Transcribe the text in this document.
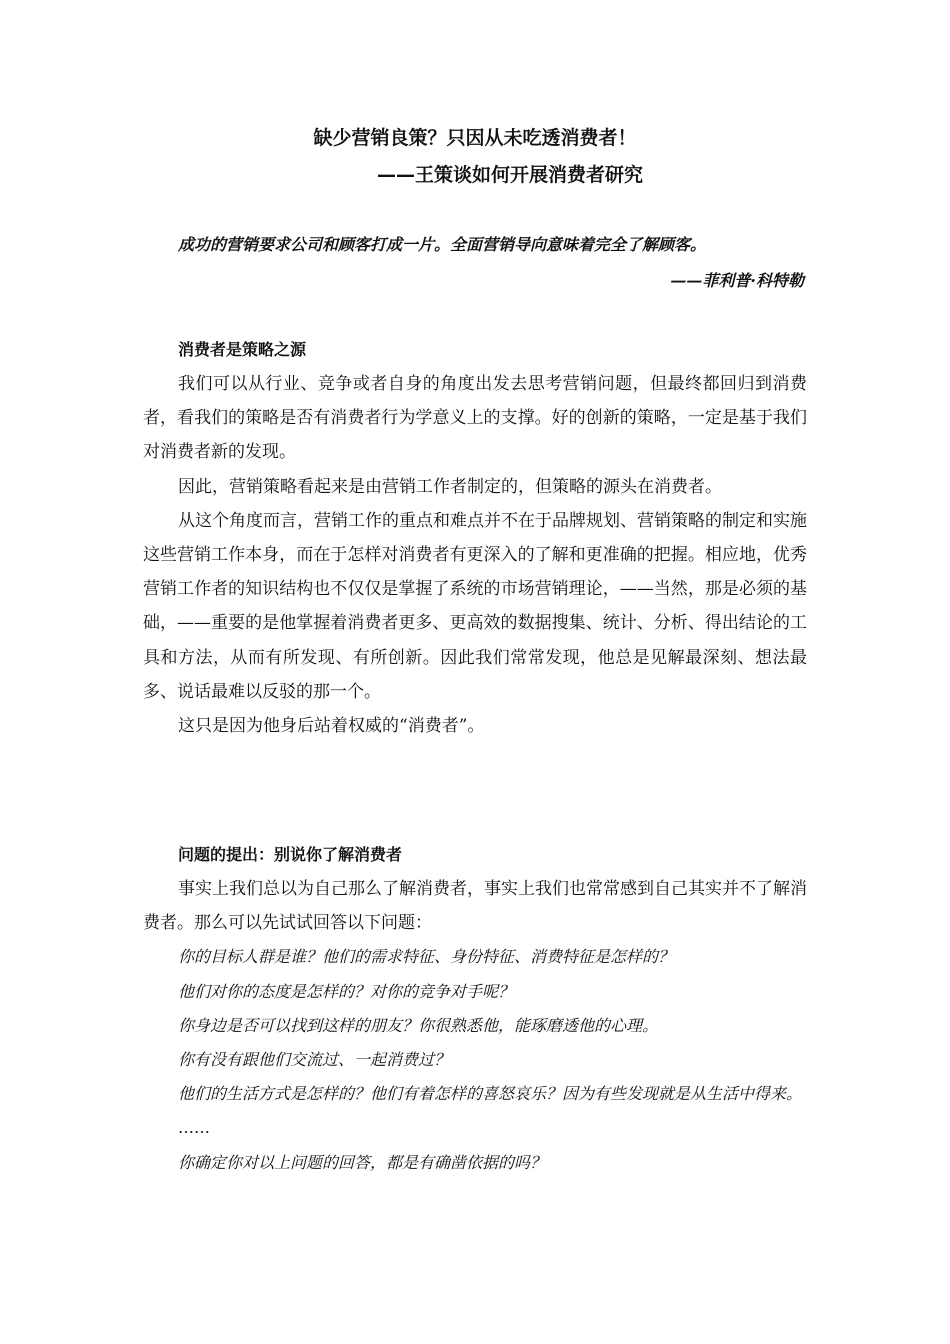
缺少营销良策？只因从未吃透消费者！
——王策谈如何开展消费者研究
成功的营销要求公司和顾客打成一片。全面营销导向意味着完全了解顾客。
——菲利普·科特勒
消费者是策略之源

我们可以从行业、竞争或者自身的角度出发去思考营销问题，但最终都回归到消费者，看我们的策略是否有消费者行为学意义上的支撑。好的创新的策略，一定是基于我们对消费者新的发现。

因此，营销策略看起来是由营销工作者制定的，但策略的源头在消费者。

从这个角度而言，营销工作的重点和难点并不在于品牌规划、营销策略的制定和实施这些营销工作本身，而在于怎样对消费者有更深入的了解和更准确的把握。相应地，优秀营销工作者的知识结构也不仅仅是掌握了系统的市场营销理论，——当然，那是必须的基础，——重要的是他掌握着消费者更多、更高效的数据搜集、统计、分析、得出结论的工具和方法，从而有所发现、有所创新。因此我们常常发现，他总是见解最深刻、想法最多、说话最难以反驳的那一个。

这只是因为他身后站着权威的“消费者”。

问题的提出：别说你了解消费者

事实上我们总以为自己那么了解消费者，事实上我们也常常感到自己其实并不了解消费者。那么可以先试试回答以下问题：

你的目标人群是谁？他们的需求特征、身份特征、消费特征是怎样的？

他们对你的态度是怎样的？对你的竞争对手呢？

你身边是否可以找到这样的朋友？你很熟悉他，能琢磨透他的心理。

你有没有跟他们交流过、一起消费过？

他们的生活方式是怎样的？他们有着怎样的喜怒哀乐？因为有些发现就是从生活中得来。

……

你确定你对以上问题的回答，都是有确凿依据的吗？
